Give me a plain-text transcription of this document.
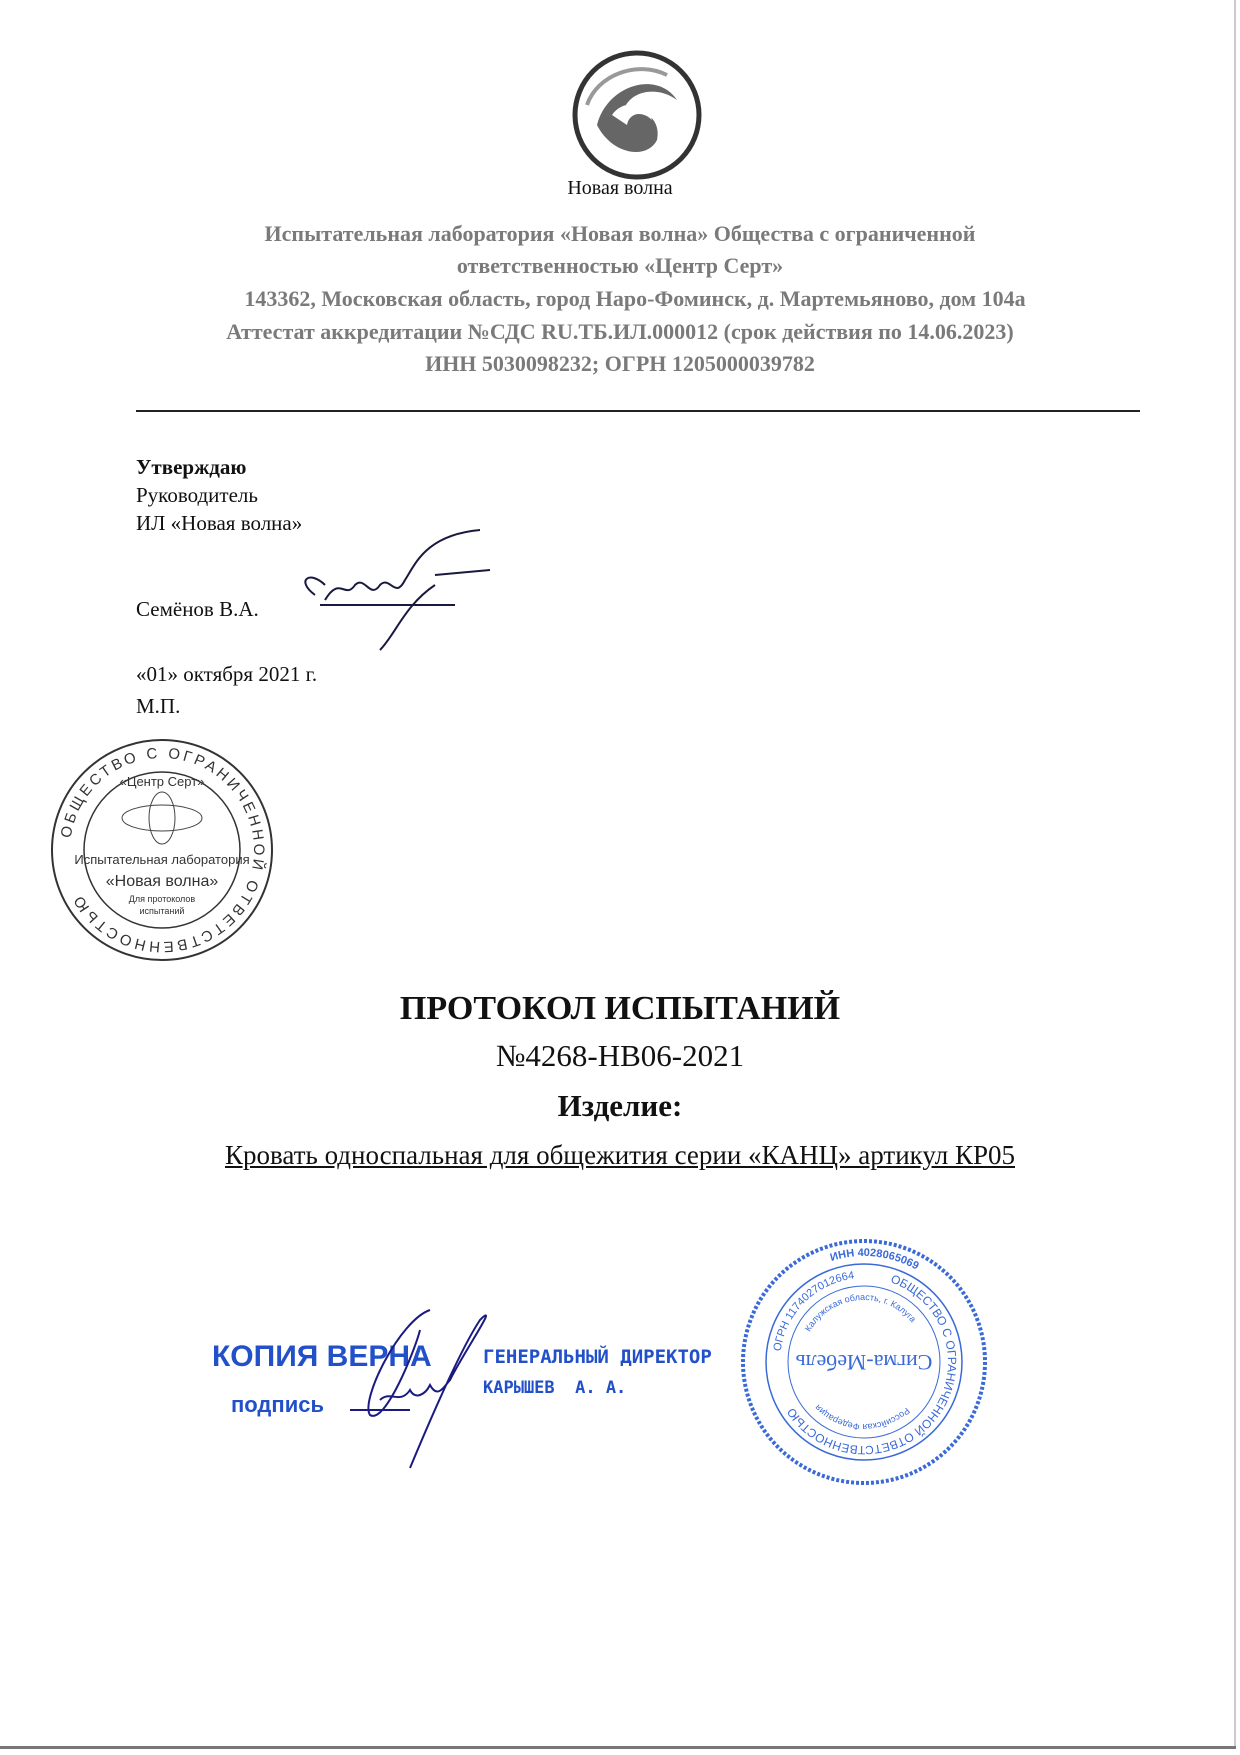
Новая волна
Испытательная лаборатория «Новая волна» Общества с ограниченной
ответственностью «Центр Серт»
143362, Московская область, город Наро-Фоминск, д. Мартемьяново, дом 104а
Аттестат аккредитации №СДС RU.ТБ.ИЛ.000012 (срок действия по 14.06.2023)
ИНН 5030098232; ОГРН 1205000039782
Утверждаю
Руководитель
ИЛ «Новая волна»
Семёнов В.А.
«01» октября 2021 г.
М.П.
ОБЩЕСТВО С ОГРАНИЧЕННОЙ ОТВЕТСТВЕННОСТЬЮ
«Центр Серт»
Испытательная лаборатория
«Новая волна»
Для протоколов
испытаний
ПРОТОКОЛ ИСПЫТАНИЙ
№4268-НВ06-2021
Изделие:
Кровать односпальная для общежития серии «КАНЦ» артикул КР05
КОПИЯ ВЕРНА
подпись
ГЕНЕРАЛЬНЫЙ ДИРЕКТОР
КАРЫШЕВ  А. А.
ИНН 4028065069
ОБЩЕСТВО С ОГРАНИЧЕННОЙ ОТВЕТСТВЕННОСТЬЮ
ОГРН 1174027012664
Калужская область, г. Калуга
Российская Федерация
Сигма-Мебель
